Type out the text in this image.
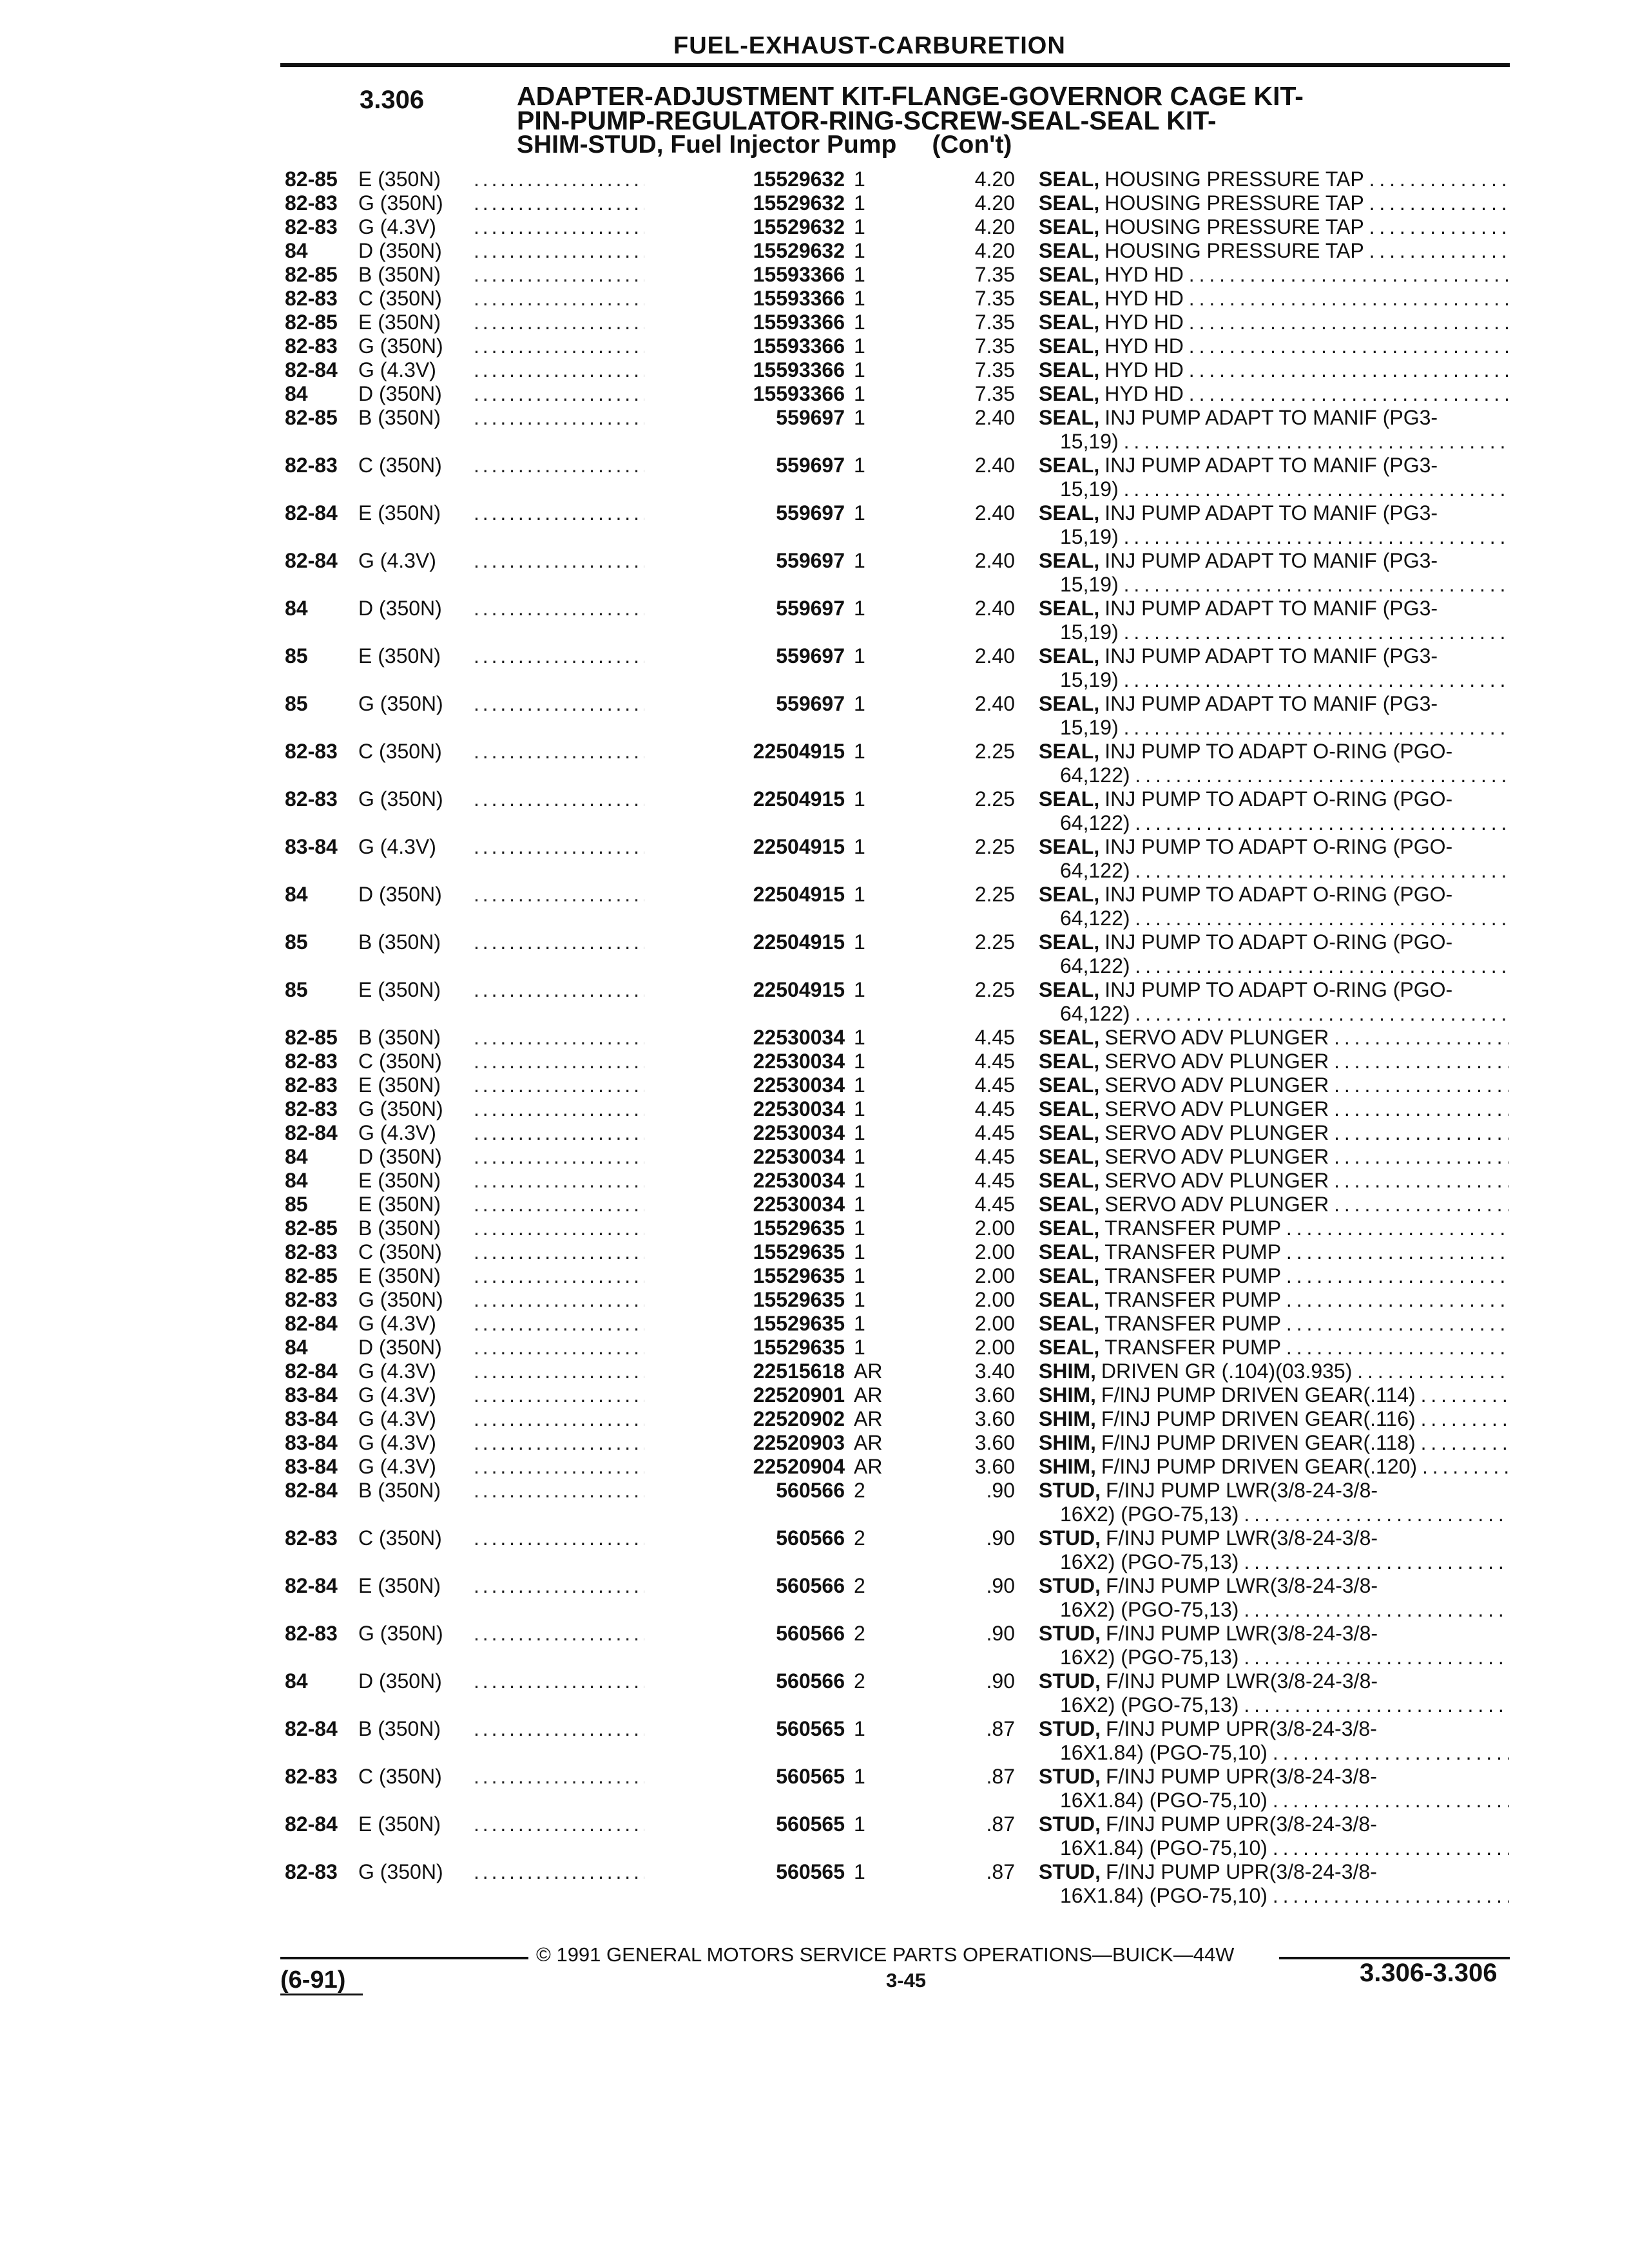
FUEL-EXHAUST-CARBURETION
3.306	ADAPTER-ADJUSTMENT KIT-FLANGE-GOVERNOR CAGE KIT-
PIN-PUMP-REGULATOR-RING-SCREW-SEAL-SEAL KIT-
SHIM-STUD, Fuel Injector Pump (Con't)
82-85	E (350N) . . .	15529632 1	4.20 SEAL, HOUSING PRESSURE TAP . . .
82-83	G (350N) . . .	15529632 1	4.20 SEAL, HOUSING PRESSURE TAP . . .
82-83	G (4.3V) . . .	15529632 1	4.20 SEAL, HOUSING PRESSURE TAP . . .
84	D (350N) . . .	15529632 1	4.20 SEAL, HOUSING PRESSURE TAP . . .
82-85	B (350N) . . .	15593366 1	7.35 SEAL, HYD HD . . .
82-83	C (350N) . . .	15593366 1	7.35 SEAL, HYD HD . . .
82-85	E (350N) . . .	15593366 1	7.35 SEAL, HYD HD . . .
82-83	G (350N) . . .	15593366 1	7.35 SEAL, HYD HD . . .
82-84	G (4.3V) . . .	15593366 1	7.35 SEAL, HYD HD . . .
84	D (350N) . . .	15593366 1	7.35 SEAL, HYD HD . . .
82-85	B (350N) . . .	559697 1	2.40 SEAL, INJ PUMP ADAPT TO MANIF (PG3-
15,19) . . .
82-83	C (350N) . . .	559697 1	2.40 SEAL, INJ PUMP ADAPT TO MANIF (PG3-
15,19) . . .
82-84	E (350N) . . .	559697 1	2.40 SEAL, INJ PUMP ADAPT TO MANIF (PG3-
15,19) . . .
82-84	G (4.3V) . . .	559697 1	2.40 SEAL, INJ PUMP ADAPT TO MANIF (PG3-
15,19) . . .
84	D (350N) . . .	559697 1	2.40 SEAL, INJ PUMP ADAPT TO MANIF (PG3-
15,19) . . .
85	E (350N) . . .	559697 1	2.40 SEAL, INJ PUMP ADAPT TO MANIF (PG3-
15,19) . . .
85	G (350N) . . .	559697 1	2.40 SEAL, INJ PUMP ADAPT TO MANIF (PG3-
15,19) . . .
82-83	C (350N) . . .	22504915 1	2.25 SEAL, INJ PUMP TO ADAPT O-RING (PGO-
64,122) . . .
82-83	G (350N) . . .	22504915 1	2.25 SEAL, INJ PUMP TO ADAPT O-RING (PGO-
64,122) . . .
83-84	G (4.3V) . . .	22504915 1	2.25 SEAL, INJ PUMP TO ADAPT O-RING (PGO-
64,122) . . .
84	D (350N) . . .	22504915 1	2.25 SEAL, INJ PUMP TO ADAPT O-RING (PGO-
64,122) . . .
85	B (350N) . . .	22504915 1	2.25 SEAL, INJ PUMP TO ADAPT O-RING (PGO-
64,122) . . .
85	E (350N) . . .	22504915 1	2.25 SEAL, INJ PUMP TO ADAPT O-RING (PGO-
64,122) . . .
82-85	B (350N) . . .	22530034 1	4.45 SEAL, SERVO ADV PLUNGER . . .
82-83	C (350N) . . .	22530034 1	4.45 SEAL, SERVO ADV PLUNGER . . .
82-83	E (350N) . . .	22530034 1	4.45 SEAL, SERVO ADV PLUNGER . . .
82-83	G (350N) . . .	22530034 1	4.45 SEAL, SERVO ADV PLUNGER . . .
82-84	G (4.3V) . . .	22530034 1	4.45 SEAL, SERVO ADV PLUNGER . . .
84	D (350N) . . .	22530034 1	4.45 SEAL, SERVO ADV PLUNGER . . .
84	E (350N) . . .	22530034 1	4.45 SEAL, SERVO ADV PLUNGER . . .
85	E (350N) . . .	22530034 1	4.45 SEAL, SERVO ADV PLUNGER . . .
82-85	B (350N) . . .	15529635 1	2.00 SEAL, TRANSFER PUMP . . .
82-83	C (350N) . . .	15529635 1	2.00 SEAL, TRANSFER PUMP . . .
82-85	E (350N) . . .	15529635 1	2.00 SEAL, TRANSFER PUMP . . .
82-83	G (350N) . . .	15529635 1	2.00 SEAL, TRANSFER PUMP . . .
82-84	G (4.3V) . . .	15529635 1	2.00 SEAL, TRANSFER PUMP . . .
84	D (350N) . . .	15529635 1	2.00 SEAL, TRANSFER PUMP . . .
82-84	G (4.3V) . . .	22515618 AR	3.40 SHIM, DRIVEN GR (.104)(03.935) . . .
83-84	G (4.3V) . . .	22520901 AR	3.60 SHIM, F/INJ PUMP DRIVEN GEAR(.114) . . .
83-84	G (4.3V) . . .	22520902 AR	3.60 SHIM, F/INJ PUMP DRIVEN GEAR(.116) . . .
83-84	G (4.3V) . . .	22520903 AR	3.60 SHIM, F/INJ PUMP DRIVEN GEAR(.118) . . .
83-84	G (4.3V) . . .	22520904 AR	3.60 SHIM, F/INJ PUMP DRIVEN GEAR(.120) . . .
82-84	B (350N) . . .	560566 2	.90 STUD, F/INJ PUMP LWR(3/8-24-3/8-
16X2) (PGO-75,13) . . .
82-83	C (350N) . . .	560566 2	.90 STUD, F/INJ PUMP LWR(3/8-24-3/8-
16X2) (PGO-75,13) . . .
82-84	E (350N) . . .	560566 2	.90 STUD, F/INJ PUMP LWR(3/8-24-3/8-
16X2) (PGO-75,13) . . .
82-83	G (350N) . . .	560566 2	.90 STUD, F/INJ PUMP LWR(3/8-24-3/8-
16X2) (PGO-75,13) . . .
84	D (350N) . . .	560566 2	.90 STUD, F/INJ PUMP LWR(3/8-24-3/8-
16X2) (PGO-75,13) . . .
82-84	B (350N) . . .	560565 1	.87 STUD, F/INJ PUMP UPR(3/8-24-3/8-
16X1.84) (PGO-75,10) . . .
82-83	C (350N) . . .	560565 1	.87 STUD, F/INJ PUMP UPR(3/8-24-3/8-
16X1.84) (PGO-75,10) . . .
82-84	E (350N) . . .	560565 1	.87 STUD, F/INJ PUMP UPR(3/8-24-3/8-
16X1.84) (PGO-75,10) . . .
82-83	G (350N) . . .	560565 1	.87 STUD, F/INJ PUMP UPR(3/8-24-3/8-
16X1.84) (PGO-75,10) . . .
© 1991 GENERAL MOTORS SERVICE PARTS OPERATIONS—BUICK—44W
(6-91)	3-45	3.306-3.306
